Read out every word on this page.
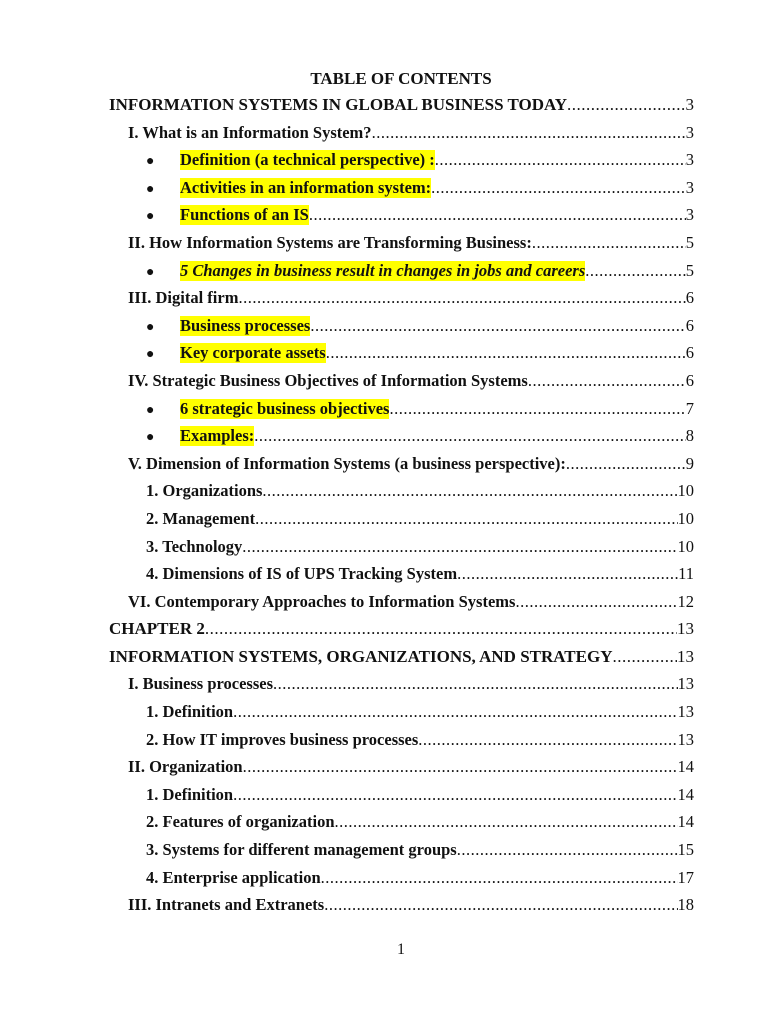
TABLE OF CONTENTS
INFORMATION SYSTEMS IN GLOBAL BUSINESS TODAY .....	3
I. What is an Information System? .....	3
●	Definition (a technical perspective) : .....	3
●	Activities in an information system: .....	3
●	Functions of an IS .....	3
II. How Information Systems are Transforming Business: .....	5
●	5 Changes in business result in changes in jobs and careers .....	5
III. Digital firm .....	6
●	Business processes .....	6
●	Key corporate assets .....	6
IV. Strategic Business Objectives of Information Systems .....	6
●	6 strategic business objectives .....	7
●	Examples: .....	8
V. Dimension of Information Systems (a business perspective): .....	9
1. Organizations .....	10
2. Management .....	10
3. Technology .....	10
4. Dimensions of IS of UPS Tracking System .....	11
VI. Contemporary Approaches to Information Systems .....	12
CHAPTER 2 .....	13
INFORMATION SYSTEMS, ORGANIZATIONS, AND STRATEGY .....	13
I. Business processes .....	13
1. Definition .....	13
2. How IT improves business processes .....	13
II. Organization .....	14
1. Definition .....	14
2. Features of organization .....	14
3. Systems for different management groups .....	15
4. Enterprise application .....	17
III. Intranets and Extranets .....	18
1
